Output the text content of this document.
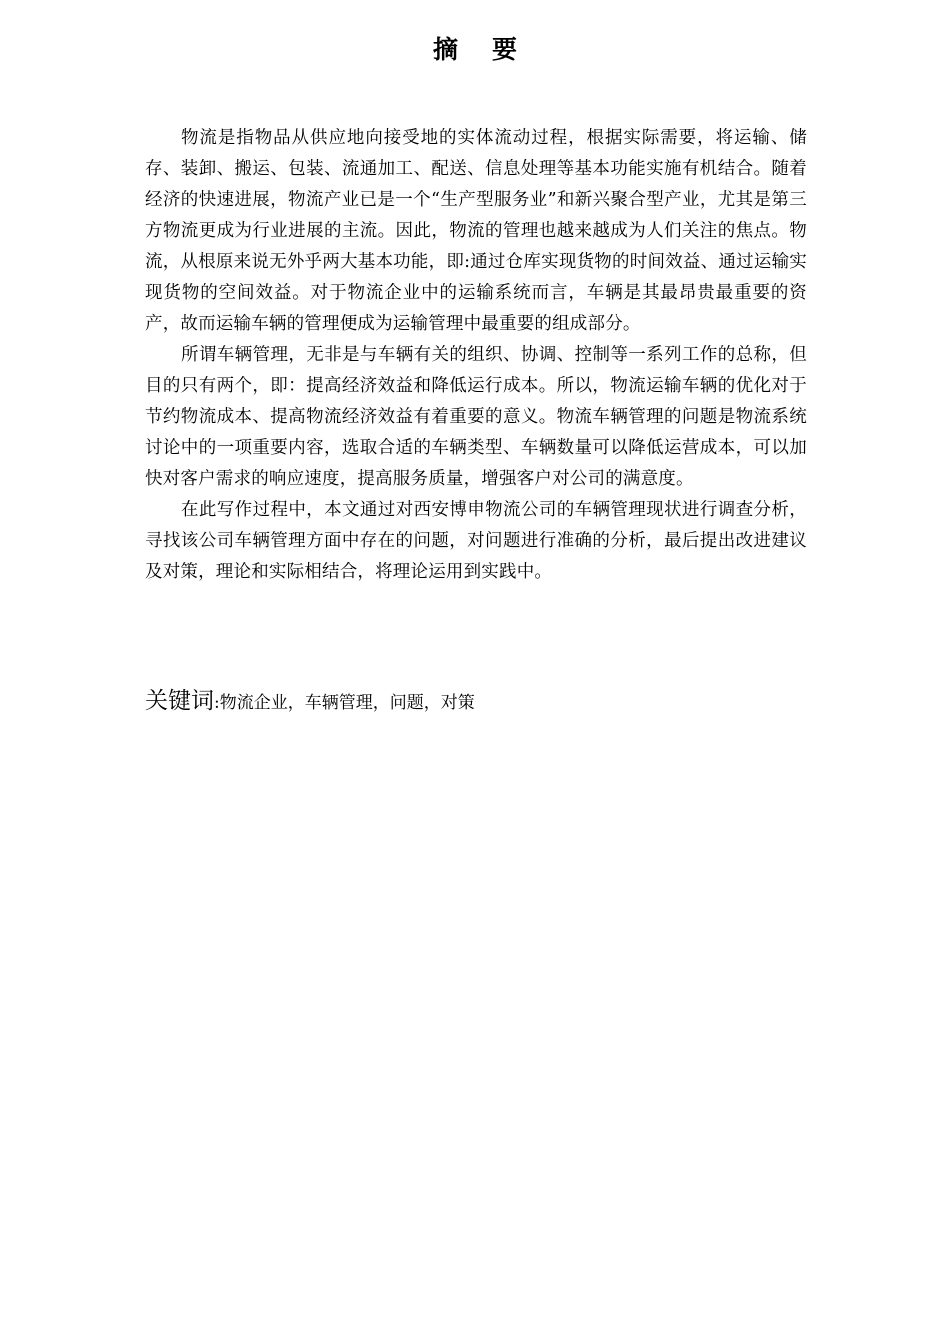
摘 要

物流是指物品从供应地向接受地的实体流动过程，根据实际需要，将运输、储存、装卸、搬运、包装、流通加工、配送、信息处理等基本功能实施有机结合。随着经济的快速进展，物流产业已是一个“生产型服务业”和新兴聚合型产业，尤其是第三方物流更成为行业进展的主流。因此，物流的管理也越来越成为人们关注的焦点。物流，从根原来说无外乎两大基本功能，即:通过仓库实现货物的时间效益、通过运输实现货物的空间效益。对于物流企业中的运输系统而言，车辆是其最昂贵最重要的资产，故而运输车辆的管理便成为运输管理中最重要的组成部分。

所谓车辆管理，无非是与车辆有关的组织、协调、控制等一系列工作的总称，但目的只有两个，即：提高经济效益和降低运行成本。所以，物流运输车辆的优化对于节约物流成本、提高物流经济效益有着重要的意义。物流车辆管理的问题是物流系统讨论中的一项重要内容，选取合适的车辆类型、车辆数量可以降低运营成本，可以加快对客户需求的响应速度，提高服务质量，增强客户对公司的满意度。

在此写作过程中，本文通过对西安博申物流公司的车辆管理现状进行调查分析，寻找该公司车辆管理方面中存在的问题，对问题进行准确的分析，最后提出改进建议及对策，理论和实际相结合，将理论运用到实践中。

关键词:物流企业，车辆管理，问题，对策
